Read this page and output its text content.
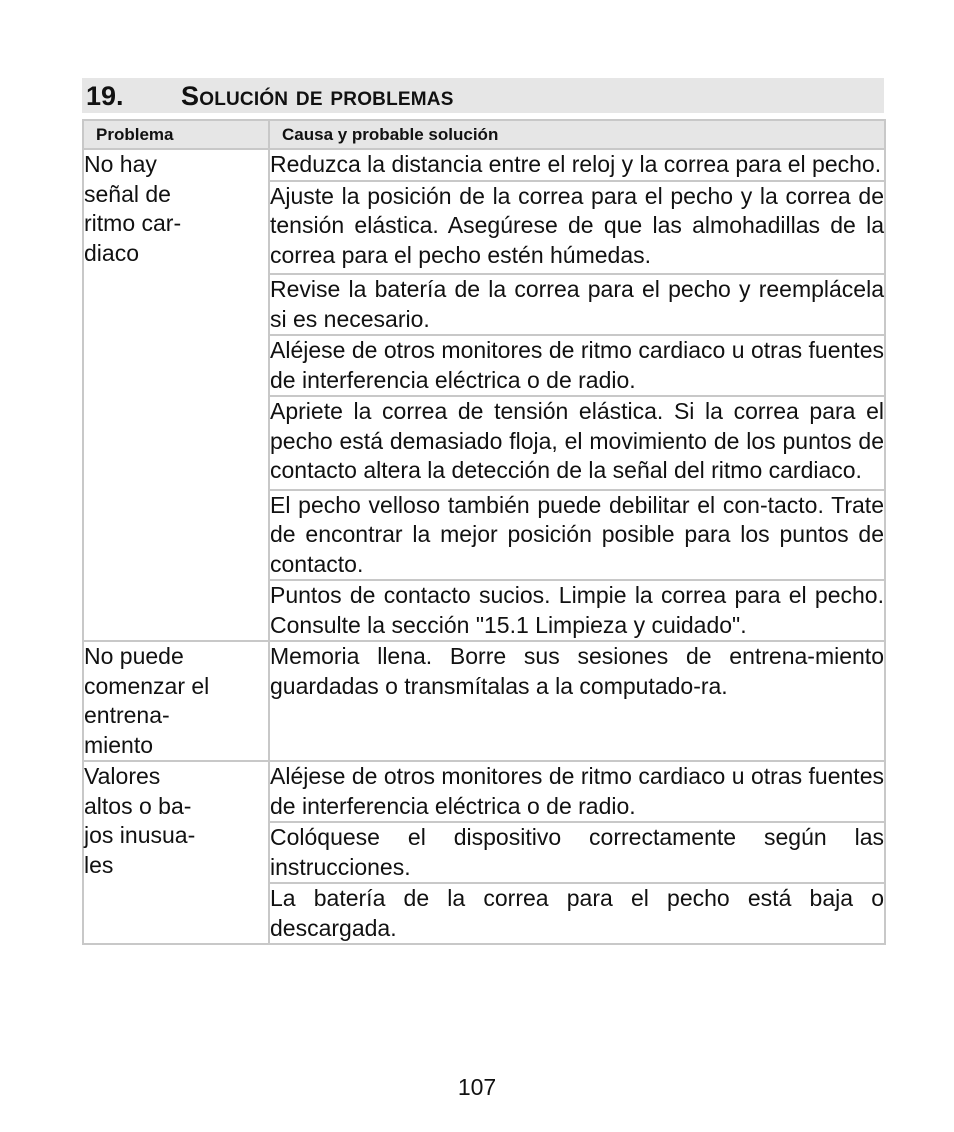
19. Solución de problemas
Problema	Causa y probable solución
No hay
señal de
ritmo car-
diaco	Reduzca la distancia entre el reloj y la correa para el pecho.
	Ajuste la posición de la correa para el pecho y la correa de tensión elástica. Asegúrese de que las almohadillas de la correa para el pecho estén húmedas.
	Revise la batería de la correa para el pecho y reemplácela si es necesario.
	Aléjese de otros monitores de ritmo cardiaco u otras fuentes de interferencia eléctrica o de radio.
	Apriete la correa de tensión elástica. Si la correa para el pecho está demasiado floja, el movimiento de los puntos de contacto altera la detección de la señal del ritmo cardiaco.
	El pecho velloso también puede debilitar el con-tacto. Trate de encontrar la mejor posición posible para los puntos de contacto.
	Puntos de contacto sucios. Limpie la correa para el pecho. Consulte la sección "15.1 Limpieza y cuidado".
No puede
comenzar el
entrena-
miento	Memoria llena. Borre sus sesiones de entrena-miento guardadas o transmítalas a la computado-ra.
Valores
altos o ba-
jos inusua-
les	Aléjese de otros monitores de ritmo cardiaco u otras fuentes de interferencia eléctrica o de radio.
	Colóquese el dispositivo correctamente según las instrucciones.
	La batería de la correa para el pecho está baja o descargada.
107
